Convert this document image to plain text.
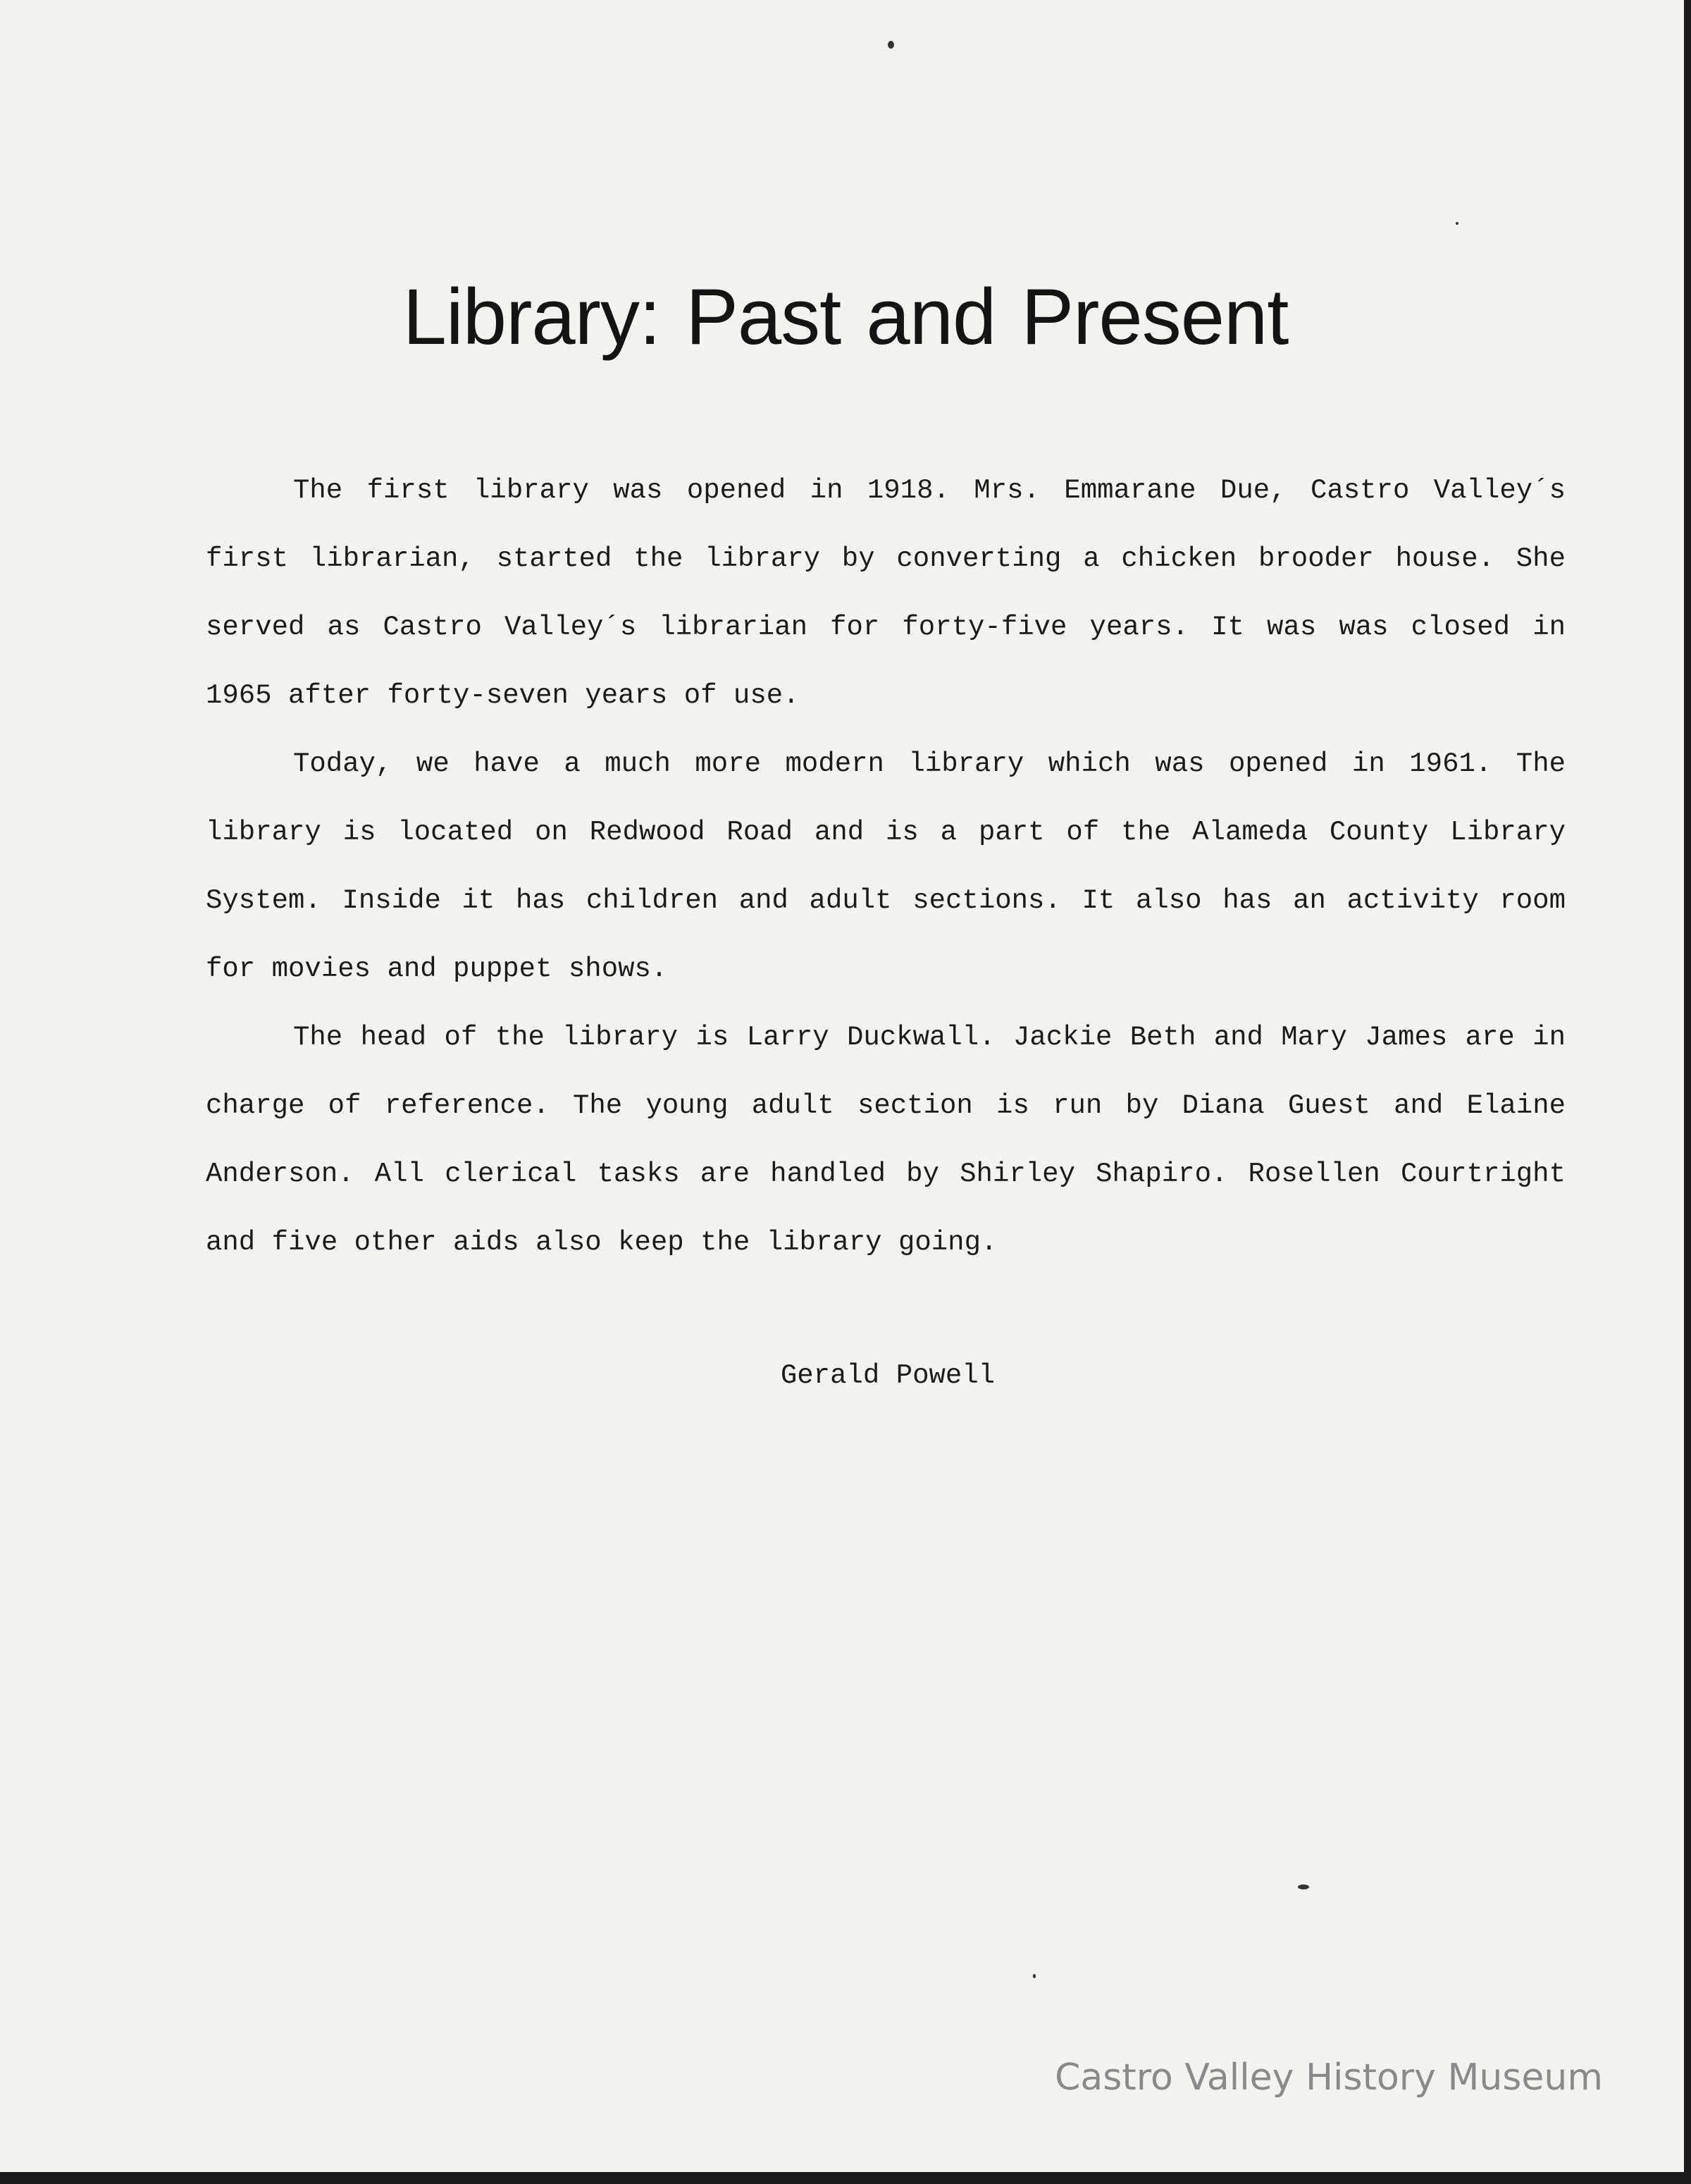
Library: Past and Present

The first library was opened in 1918. Mrs. Emmarane Due, Castro Valley´s first librarian, started the library by converting a chicken brooder house. She served as Castro Valley´s librarian for forty-five years. It was was closed in 1965 after forty-seven years of use.

Today, we have a much more modern library which was opened in 1961. The library is located on Redwood Road and is a part of the Alameda County Library System. Inside it has children and adult sections. It also has an activity room for movies and puppet shows.

The head of the library is Larry Duckwall. Jackie Beth and Mary James are in charge of reference. The young adult section is run by Diana Guest and Elaine Anderson. All clerical tasks are handled by Shirley Shapiro. Rosellen Courtright and five other aids also keep the library going.

Gerald Powell
Castro Valley History Museum
